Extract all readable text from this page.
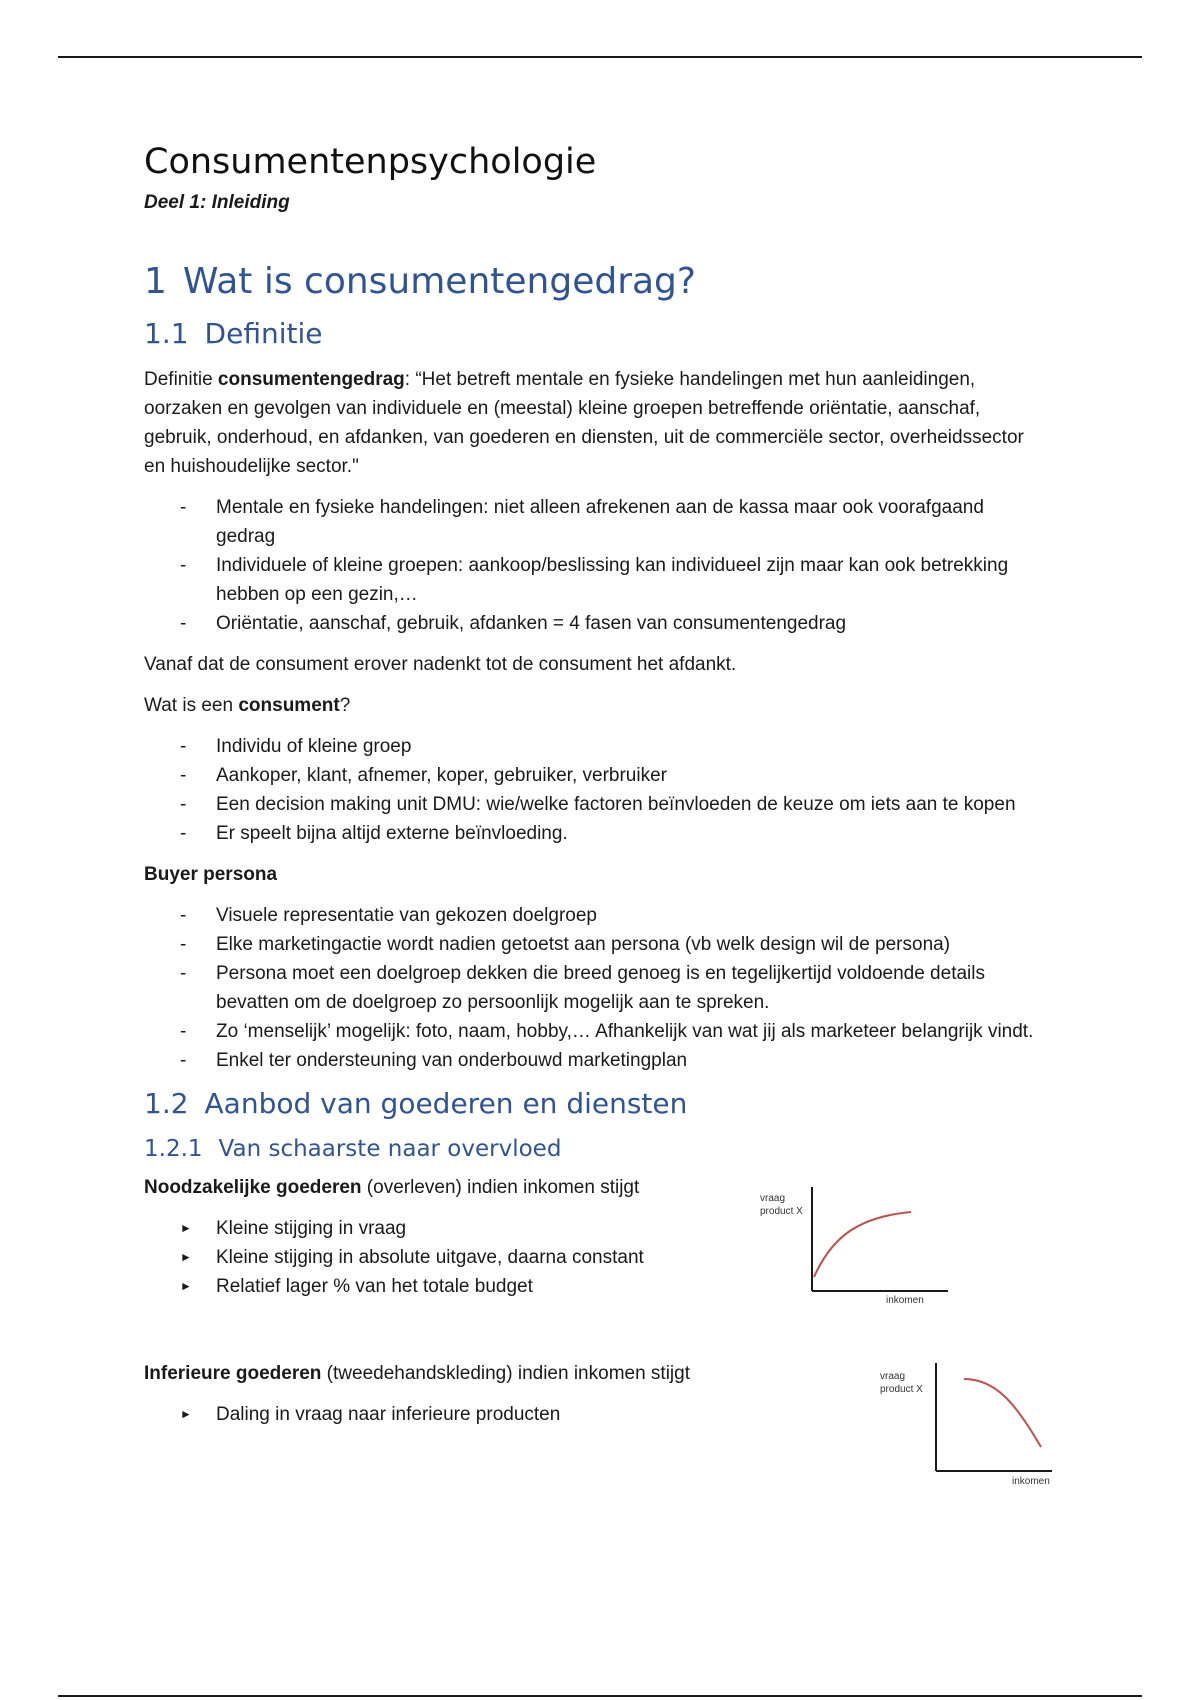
Consumentenpsychologie

Deel 1: Inleiding

1 Wat is consumentengedrag?
1.1 Definitie

Definitie consumentengedrag: “Het betreft mentale en fysieke handelingen met hun aanleidingen, oorzaken en gevolgen van individuele en (meestal) kleine groepen betreffende oriëntatie, aanschaf, gebruik, onderhoud, en afdanken, van goederen en diensten, uit de commerciële sector, overheidssector en huishoudelijke sector."

-	Mentale en fysieke handelingen: niet alleen afrekenen aan de kassa maar ook voorafgaand gedrag
-	Individuele of kleine groepen: aankoop/beslissing kan individueel zijn maar kan ook betrekking hebben op een gezin,…
-	Oriëntatie, aanschaf, gebruik, afdanken = 4 fasen van consumentengedrag

Vanaf dat de consument erover nadenkt tot de consument het afdankt.

Wat is een consument?

-	Individu of kleine groep
-	Aankoper, klant, afnemer, koper, gebruiker, verbruiker
-	Een decision making unit DMU: wie/welke factoren beïnvloeden de keuze om iets aan te kopen
-	Er speelt bijna altijd externe beïnvloeding.

Buyer persona

-	Visuele representatie van gekozen doelgroep
-	Elke marketingactie wordt nadien getoetst aan persona (vb welk design wil de persona)
-	Persona moet een doelgroep dekken die breed genoeg is en tegelijkertijd voldoende details bevatten om de doelgroep zo persoonlijk mogelijk aan te spreken.
-	Zo ‘menselijk’ mogelijk: foto, naam, hobby,… Afhankelijk van wat jij als marketeer belangrijk vindt.
-	Enkel ter ondersteuning van onderbouwd marketingplan
1.2 Aanbod van goederen en diensten
1.2.1 Van schaarste naar overvloed

Noodzakelijke goederen (overleven) indien inkomen stijgt

►	Kleine stijging in vraag
►	Kleine stijging in absolute uitgave, daarna constant
►	Relatief lager % van het totale budget
vraag
product X
inkomen

Inferieure goederen (tweedehandskleding) indien inkomen stijgt

►	Daling in vraag naar inferieure producten
vraag
product X
inkomen
